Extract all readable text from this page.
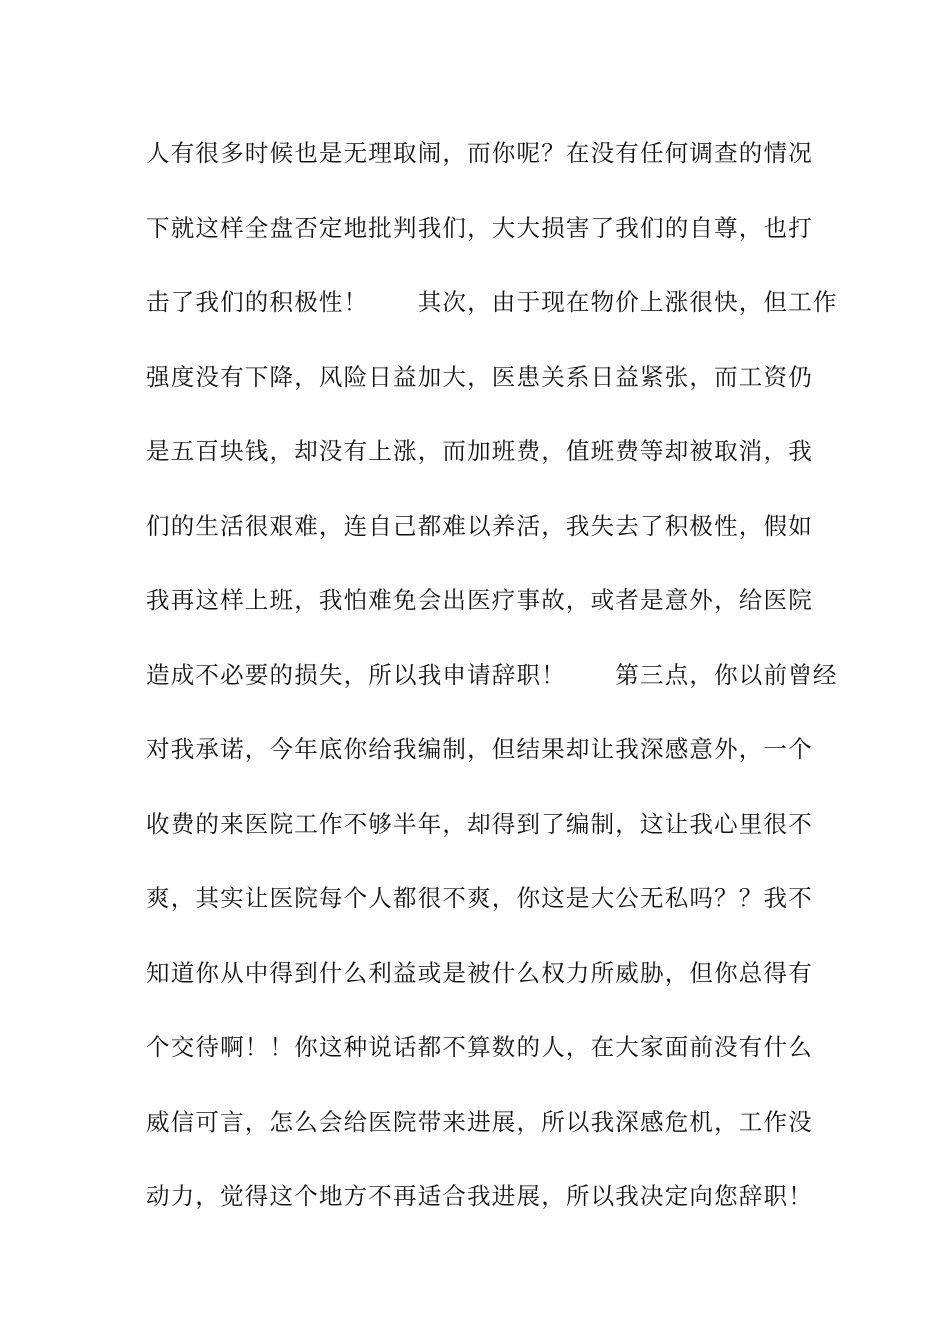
人有很多时候也是无理取闹，而你呢？在没有任何调查的情况
下就这样全盘否定地批判我们，大大损害了我们的自尊，也打
击了我们的积极性！　　其次，由于现在物价上涨很快，但工作
强度没有下降，风险日益加大，医患关系日益紧张，而工资仍
是五百块钱，却没有上涨，而加班费，值班费等却被取消，我
们的生活很艰难，连自己都难以养活，我失去了积极性，假如
我再这样上班，我怕难免会出医疗事故，或者是意外，给医院
造成不必要的损失，所以我申请辞职！　　第三点，你以前曾经
对我承诺，今年底你给我编制，但结果却让我深感意外，一个
收费的来医院工作不够半年，却得到了编制，这让我心里很不
爽，其实让医院每个人都很不爽，你这是大公无私吗？？我不
知道你从中得到什么利益或是被什么权力所威胁，但你总得有
个交待啊！！你这种说话都不算数的人，在大家面前没有什么
威信可言，怎么会给医院带来进展，所以我深感危机，工作没
动力，觉得这个地方不再适合我进展，所以我决定向您辞职！
